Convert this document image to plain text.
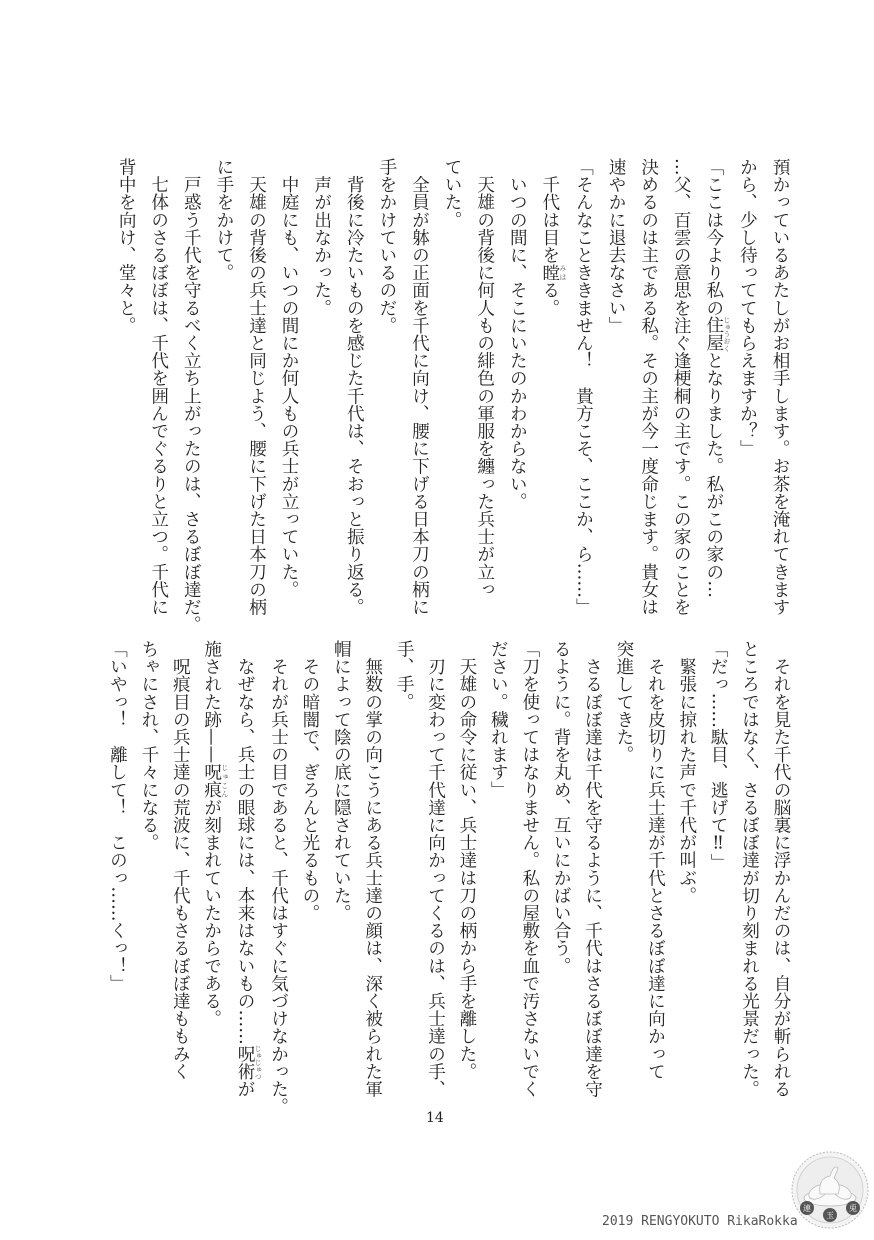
預かっているあたしがお相手します。お茶を淹れてきます
から、少し待っててもらえますか？」
「ここは今より私の住屋 じゅうおくとなりました。私がこの家の…
…父、百雲の意思を注ぐ逢梗桐の主です。この家のことを
決めるのは主である私。その主が今一度命じます。貴女は
速やかに退去なさい」
「そんなことききません！　貴方こそ、ここか、ら……」
　千代は目を瞠 みはる。
　いつの間に、そこにいたのかわからない。
　天雄の背後に何人もの緋色の軍服を纏った兵士が立っ
ていた。
　全員が躰の正面を千代に向け、腰に下げる日本刀の柄に
手をかけているのだ。
　背後に冷たいものを感じた千代は、そおっと振り返る。
　声が出なかった。
　中庭にも、いつの間にか何人もの兵士が立っていた。
　天雄の背後の兵士達と同じよう、腰に下げた日本刀の柄
に手をかけて。
　戸惑う千代を守るべく立ち上がったのは、さるぼぼ達だ。
　七体のさるぼぼは、千代を囲んでぐるりと立つ。千代に
背中を向け、堂々と。
　それを見た千代の脳裏に浮かんだのは、自分が斬られる
ところではなく、さるぼぼ達が切り刻まれる光景だった。
「だっ……駄目、逃げて‼」
　緊張に掠れた声で千代が叫ぶ。
　それを皮切りに兵士達が千代とさるぼぼ達に向かって
突進してきた。
　さるぼぼ達は千代を守るように、千代はさるぼぼ達を守
るように。背を丸め、互いにかばい合う。
「刀を使ってはなりません。私の屋敷を血で汚さないでく
ださい。穢れます」
　天雄の命令に従い、兵士達は刀の柄から手を離した。
　刃に変わって千代達に向かってくるのは、兵士達の手、
手、手。
　無数の掌の向こうにある兵士達の顔は、深く被られた軍
帽によって陰の底に隠されていた。
　その暗闇で、ぎろんと光るもの。
　それが兵士の目であると、千代はすぐに気づけなかった。
　なぜなら、兵士の眼球には、本来はないもの……呪術 じゅじゅつが
施された跡——呪痕 じゅこんが刻まれていたからである。
　呪痕目の兵士達の荒波に、千代もさるぼぼ達ももみく
ちゃにされ、千々になる。
「いやっ！　離して！　このっ……くっ！」
14
2019 RENGYOKUTO RikaRokka
連
玉
兎
